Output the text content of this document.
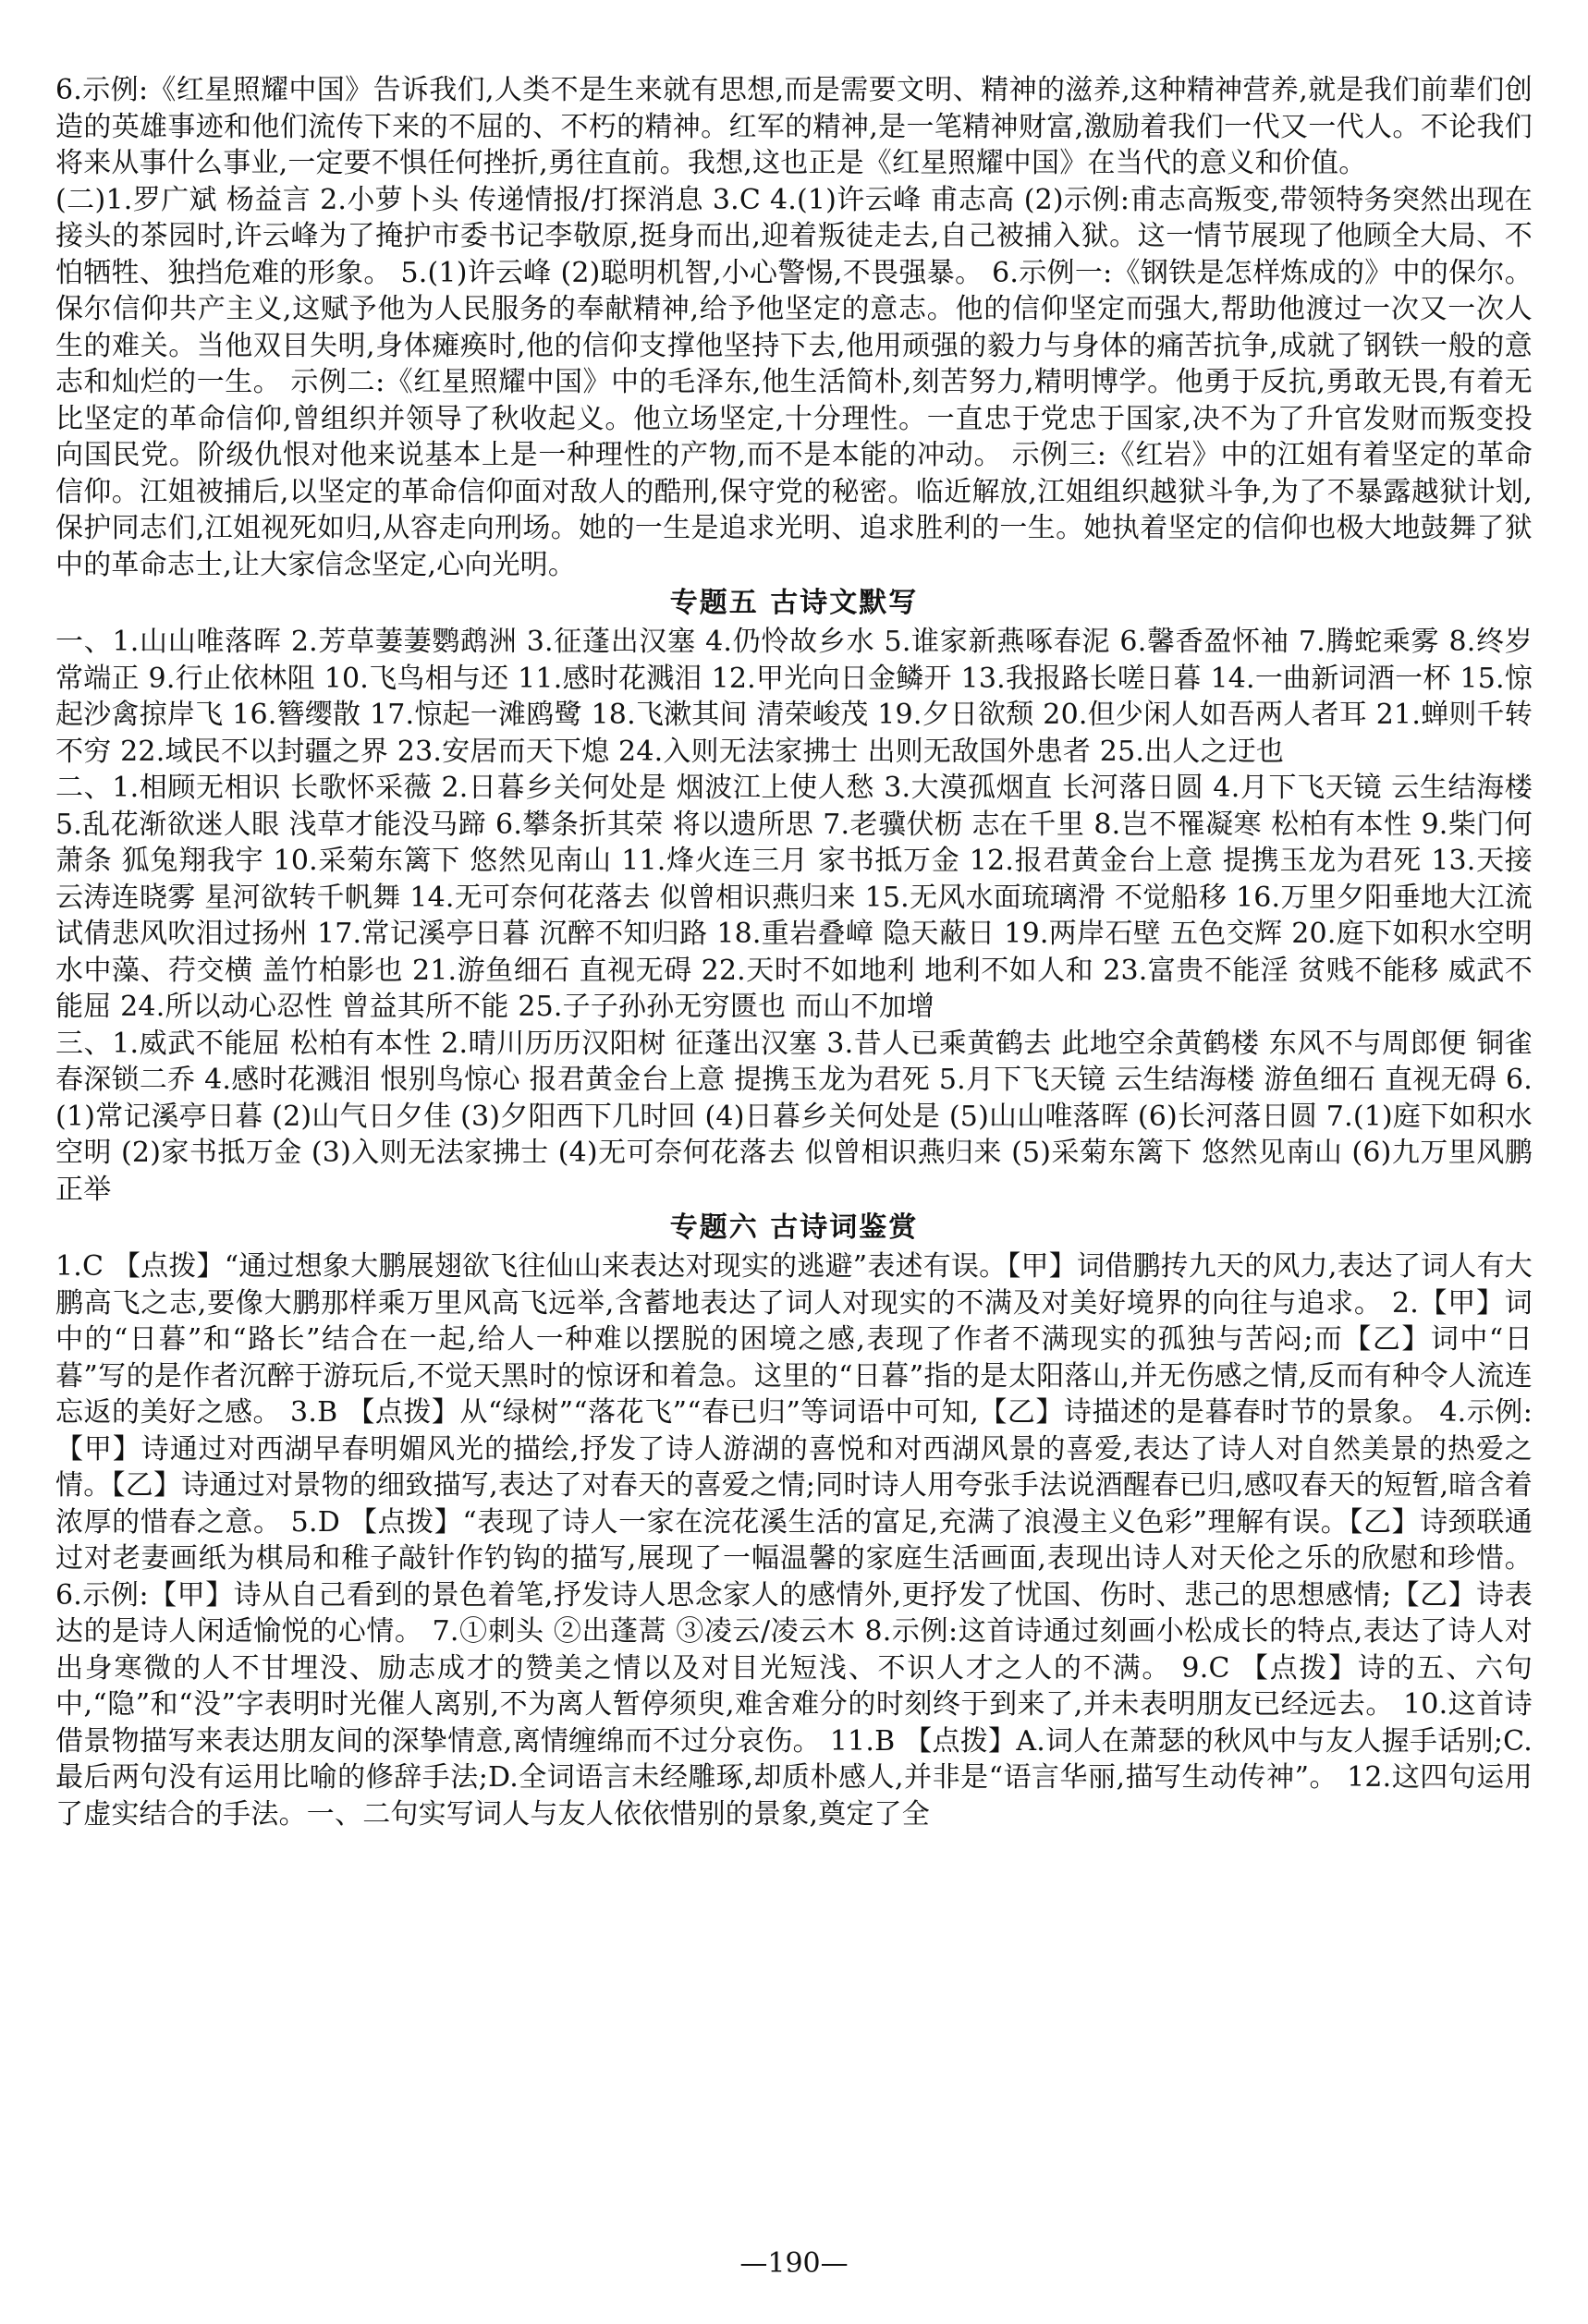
6.示例:《红星照耀中国》告诉我们,人类不是生来就有思想,而是需要文明、精神的滋养,这种精神营养,就是我们前辈们创造的英雄事迹和他们流传下来的不屈的、不朽的精神。红军的精神,是一笔精神财富,激励着我们一代又一代人。不论我们将来从事什么事业,一定要不惧任何挫折,勇往直前。我想,这也正是《红星照耀中国》在当代的意义和价值。

(二)1.罗广斌 杨益言 2.小萝卜头 传递情报/打探消息 3.C 4.(1)许云峰 甫志高 (2)示例:甫志高叛变,带领特务突然出现在接头的茶园时,许云峰为了掩护市委书记李敬原,挺身而出,迎着叛徒走去,自己被捕入狱。这一情节展现了他顾全大局、不怕牺牲、独挡危难的形象。 5.(1)许云峰 (2)聪明机智,小心警惕,不畏强暴。 6.示例一:《钢铁是怎样炼成的》中的保尔。保尔信仰共产主义,这赋予他为人民服务的奉献精神,给予他坚定的意志。他的信仰坚定而强大,帮助他渡过一次又一次人生的难关。当他双目失明,身体瘫痪时,他的信仰支撑他坚持下去,他用顽强的毅力与身体的痛苦抗争,成就了钢铁一般的意志和灿烂的一生。 示例二:《红星照耀中国》中的毛泽东,他生活简朴,刻苦努力,精明博学。他勇于反抗,勇敢无畏,有着无比坚定的革命信仰,曾组织并领导了秋收起义。他立场坚定,十分理性。一直忠于党忠于国家,决不为了升官发财而叛变投向国民党。阶级仇恨对他来说基本上是一种理性的产物,而不是本能的冲动。 示例三:《红岩》中的江姐有着坚定的革命信仰。江姐被捕后,以坚定的革命信仰面对敌人的酷刑,保守党的秘密。临近解放,江姐组织越狱斗争,为了不暴露越狱计划,保护同志们,江姐视死如归,从容走向刑场。她的一生是追求光明、追求胜利的一生。她执着坚定的信仰也极大地鼓舞了狱中的革命志士,让大家信念坚定,心向光明。

专题五 古诗文默写

一、1.山山唯落晖 2.芳草萋萋鹦鹉洲 3.征蓬出汉塞 4.仍怜故乡水 5.谁家新燕啄春泥 6.馨香盈怀袖 7.腾蛇乘雾 8.终岁常端正 9.行止依林阻 10.飞鸟相与还 11.感时花溅泪 12.甲光向日金鳞开 13.我报路长嗟日暮 14.一曲新词酒一杯 15.惊起沙禽掠岸飞 16.簪缨散 17.惊起一滩鸥鹭 18.飞漱其间 清荣峻茂 19.夕日欲颓 20.但少闲人如吾两人者耳 21.蝉则千转不穷 22.域民不以封疆之界 23.安居而天下熄 24.入则无法家拂士 出则无敌国外患者 25.出人之迂也

二、1.相顾无相识 长歌怀采薇 2.日暮乡关何处是 烟波江上使人愁 3.大漠孤烟直 长河落日圆 4.月下飞天镜 云生结海楼 5.乱花渐欲迷人眼 浅草才能没马蹄 6.攀条折其荣 将以遗所思 7.老骥伏枥 志在千里 8.岂不罹凝寒 松柏有本性 9.柴门何萧条 狐兔翔我宇 10.采菊东篱下 悠然见南山 11.烽火连三月 家书抵万金 12.报君黄金台上意 提携玉龙为君死 13.天接云涛连晓雾 星河欲转千帆舞 14.无可奈何花落去 似曾相识燕归来 15.无风水面琉璃滑 不觉船移 16.万里夕阳垂地大江流 试倩悲风吹泪过扬州 17.常记溪亭日暮 沉醉不知归路 18.重岩叠嶂 隐天蔽日 19.两岸石壁 五色交辉 20.庭下如积水空明 水中藻、荇交横 盖竹柏影也 21.游鱼细石 直视无碍 22.天时不如地利 地利不如人和 23.富贵不能淫 贫贱不能移 威武不能屈 24.所以动心忍性 曾益其所不能 25.子子孙孙无穷匮也 而山不加增

三、1.威武不能屈 松柏有本性 2.晴川历历汉阳树 征蓬出汉塞 3.昔人已乘黄鹤去 此地空余黄鹤楼 东风不与周郎便 铜雀春深锁二乔 4.感时花溅泪 恨别鸟惊心 报君黄金台上意 提携玉龙为君死 5.月下飞天镜 云生结海楼 游鱼细石 直视无碍 6.(1)常记溪亭日暮 (2)山气日夕佳 (3)夕阳西下几时回 (4)日暮乡关何处是 (5)山山唯落晖 (6)长河落日圆 7.(1)庭下如积水空明 (2)家书抵万金 (3)入则无法家拂士 (4)无可奈何花落去 似曾相识燕归来 (5)采菊东篱下 悠然见南山 (6)九万里风鹏正举

专题六 古诗词鉴赏

1.C 【点拨】“通过想象大鹏展翅欲飞往仙山来表达对现实的逃避”表述有误。【甲】词借鹏抟九天的风力,表达了词人有大鹏高飞之志,要像大鹏那样乘万里风高飞远举,含蓄地表达了词人对现实的不满及对美好境界的向往与追求。 2.【甲】词中的“日暮”和“路长”结合在一起,给人一种难以摆脱的困境之感,表现了作者不满现实的孤独与苦闷;而【乙】词中“日暮”写的是作者沉醉于游玩后,不觉天黑时的惊讶和着急。这里的“日暮”指的是太阳落山,并无伤感之情,反而有种令人流连忘返的美好之感。 3.B 【点拨】从“绿树”“落花飞”“春已归”等词语中可知,【乙】诗描述的是暮春时节的景象。 4.示例:【甲】诗通过对西湖早春明媚风光的描绘,抒发了诗人游湖的喜悦和对西湖风景的喜爱,表达了诗人对自然美景的热爱之情。【乙】诗通过对景物的细致描写,表达了对春天的喜爱之情;同时诗人用夸张手法说酒醒春已归,感叹春天的短暂,暗含着浓厚的惜春之意。 5.D 【点拨】“表现了诗人一家在浣花溪生活的富足,充满了浪漫主义色彩”理解有误。【乙】诗颈联通过对老妻画纸为棋局和稚子敲针作钓钩的描写,展现了一幅温馨的家庭生活画面,表现出诗人对天伦之乐的欣慰和珍惜。 6.示例:【甲】诗从自己看到的景色着笔,抒发诗人思念家人的感情外,更抒发了忧国、伤时、悲己的思想感情;【乙】诗表达的是诗人闲适愉悦的心情。 7.①刺头 ②出蓬蒿 ③凌云/凌云木 8.示例:这首诗通过刻画小松成长的特点,表达了诗人对出身寒微的人不甘埋没、励志成才的赞美之情以及对目光短浅、不识人才之人的不满。 9.C 【点拨】诗的五、六句中,“隐”和“没”字表明时光催人离别,不为离人暂停须臾,难舍难分的时刻终于到来了,并未表明朋友已经远去。 10.这首诗借景物描写来表达朋友间的深挚情意,离情缠绵而不过分哀伤。 11.B 【点拨】A.词人在萧瑟的秋风中与友人握手话别;C.最后两句没有运用比喻的修辞手法;D.全词语言未经雕琢,却质朴感人,并非是“语言华丽,描写生动传神”。 12.这四句运用了虚实结合的手法。一、二句实写词人与友人依依惜别的景象,奠定了全

—190—
